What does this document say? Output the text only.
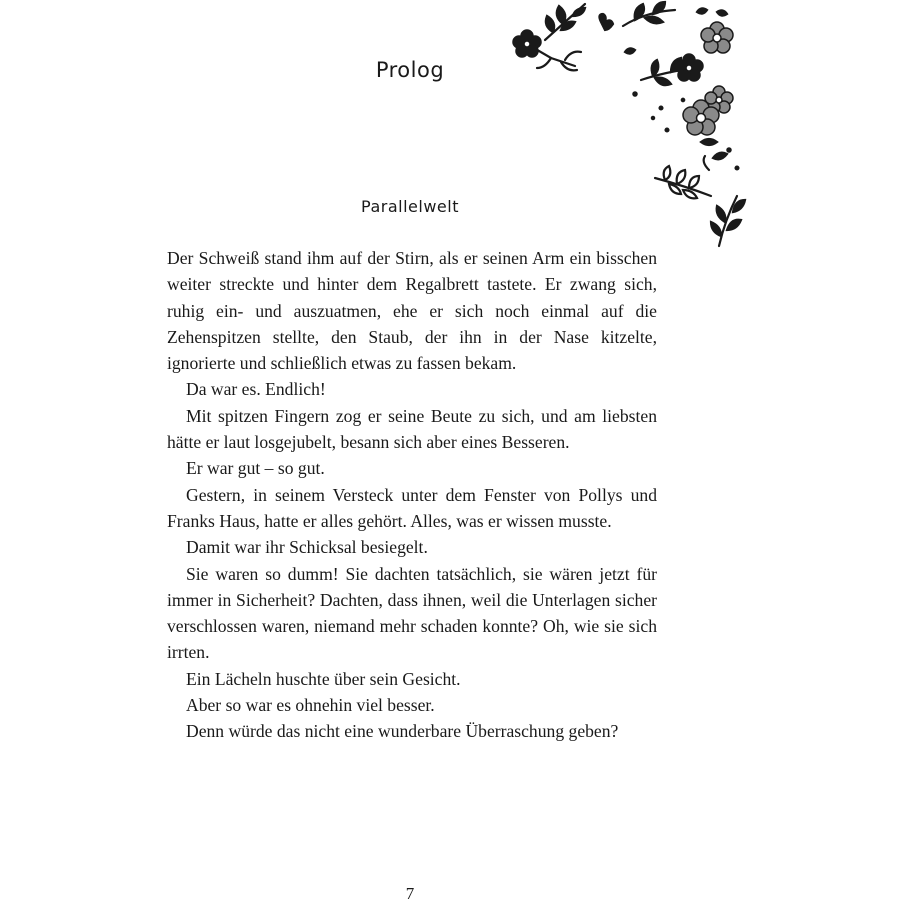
Prolog
Parallelwelt

Der Schweiß stand ihm auf der Stirn, als er seinen Arm ein bisschen weiter streckte und hinter dem Regalbrett tastete. Er zwang sich, ruhig ein- und auszuatmen, ehe er sich noch einmal auf die Zehenspitzen stellte, den Staub, der ihn in der Nase kitzelte, ignorierte und schließlich etwas zu fassen bekam.

Da war es. Endlich!

Mit spitzen Fingern zog er seine Beute zu sich, und am liebsten hätte er laut losgejubelt, besann sich aber eines Besseren.

Er war gut – so gut.

Gestern, in seinem Versteck unter dem Fenster von Pollys und Franks Haus, hatte er alles gehört. Alles, was er wissen musste.

Damit war ihr Schicksal besiegelt.

Sie waren so dumm! Sie dachten tatsächlich, sie wären jetzt für immer in Sicherheit? Dachten, dass ihnen, weil die Unterlagen sicher verschlossen waren, niemand mehr schaden konnte? Oh, wie sie sich irrten.

Ein Lächeln huschte über sein Gesicht.

Aber so war es ohnehin viel besser.

Denn würde das nicht eine wunderbare Überraschung geben?

7
